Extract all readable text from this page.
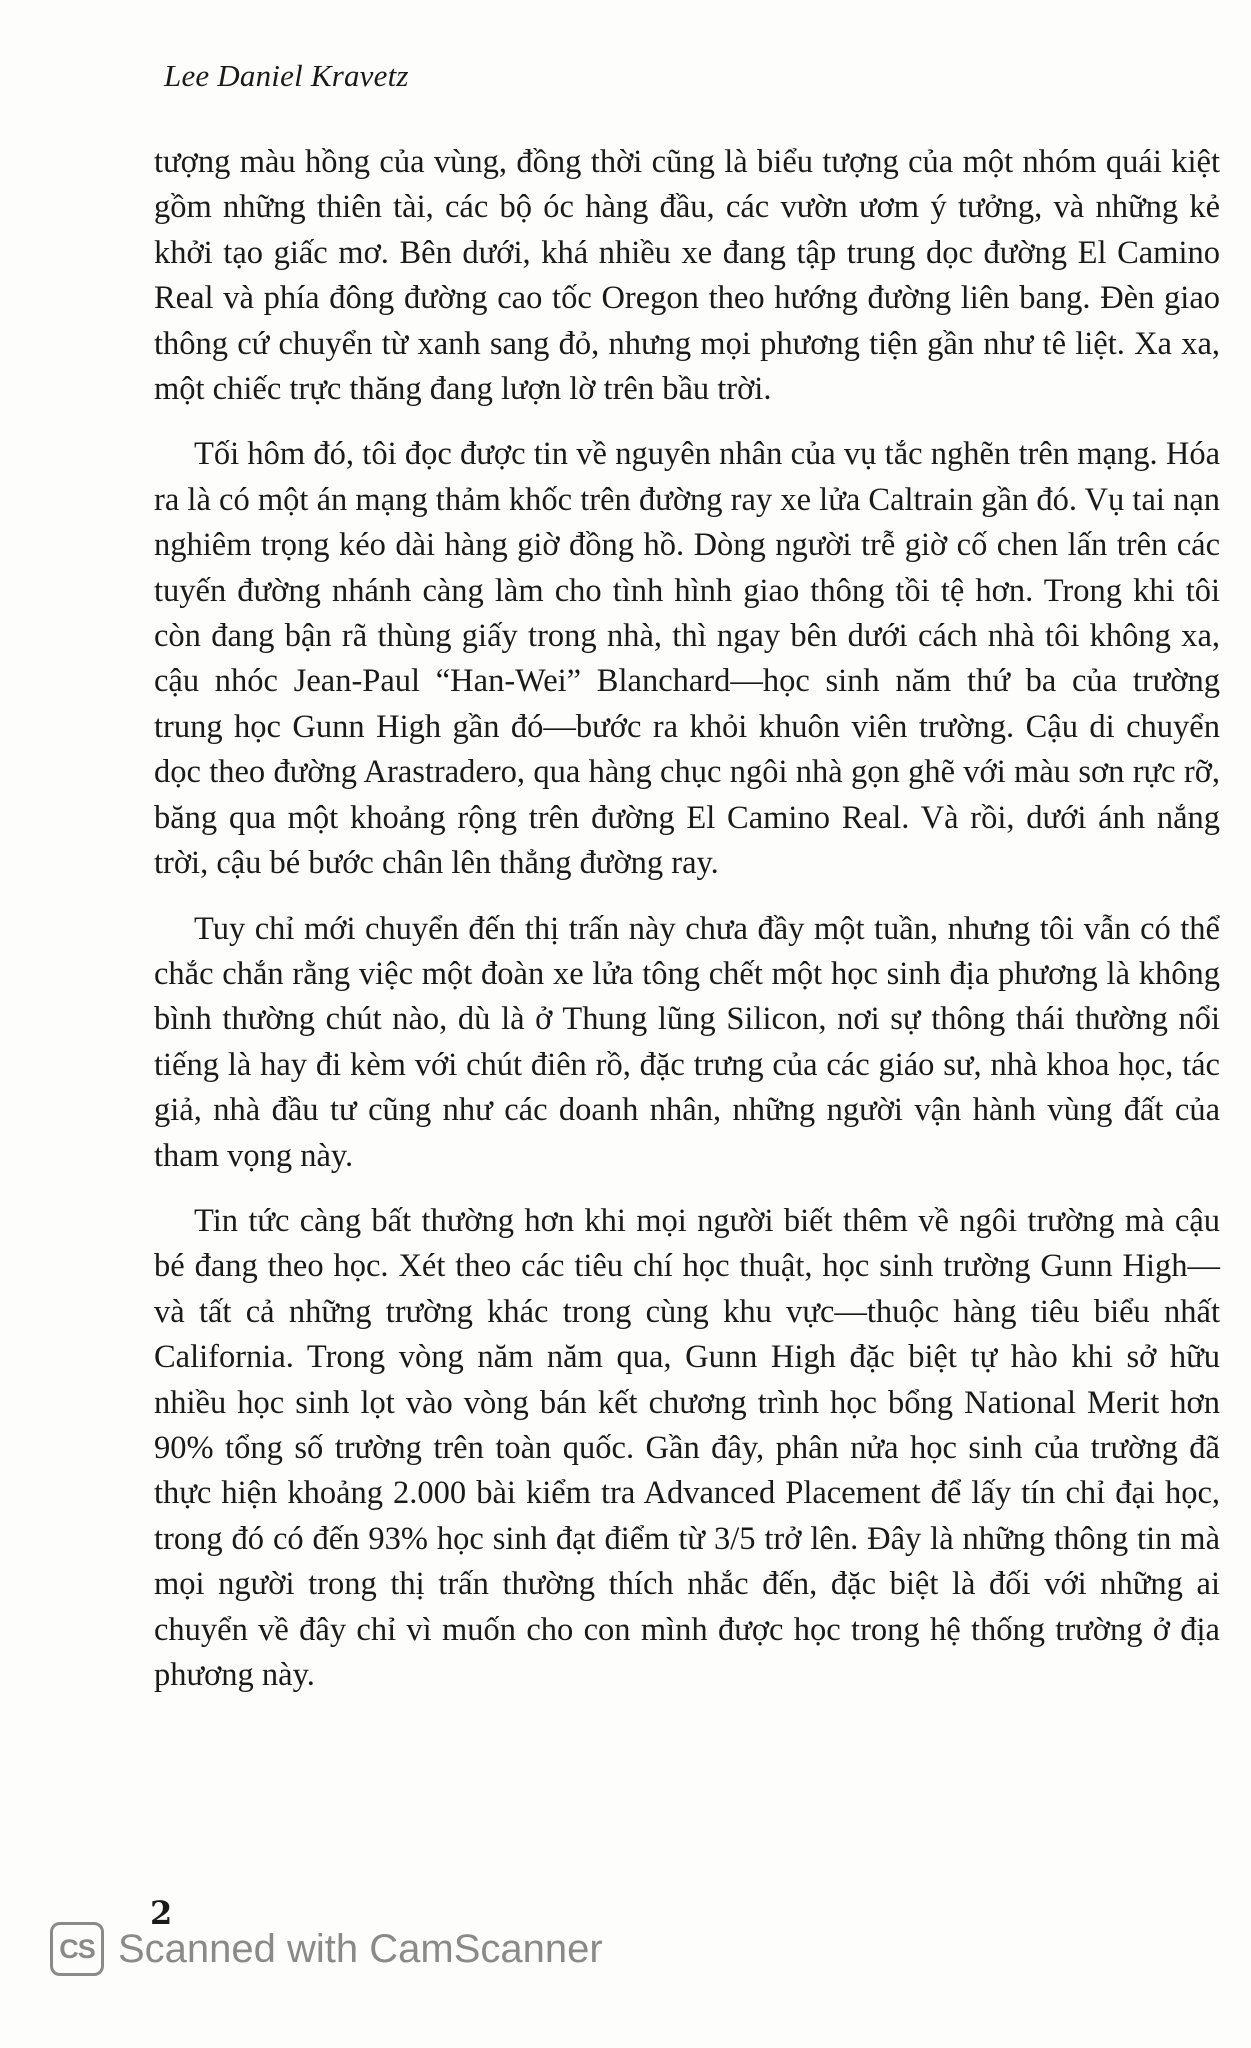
Lee Daniel Kravetz

tượng màu hồng của vùng, đồng thời cũng là biểu tượng của một nhóm quái kiệt gồm những thiên tài, các bộ óc hàng đầu, các vườn ươm ý tưởng, và những kẻ khởi tạo giấc mơ. Bên dưới, khá nhiều xe đang tập trung dọc đường El Camino Real và phía đông đường cao tốc Oregon theo hướng đường liên bang. Đèn giao thông cứ chuyển từ xanh sang đỏ, nhưng mọi phương tiện gần như tê liệt. Xa xa, một chiếc trực thăng đang lượn lờ trên bầu trời.

Tối hôm đó, tôi đọc được tin về nguyên nhân của vụ tắc nghẽn trên mạng. Hóa ra là có một án mạng thảm khốc trên đường ray xe lửa Caltrain gần đó. Vụ tai nạn nghiêm trọng kéo dài hàng giờ đồng hồ. Dòng người trễ giờ cố chen lấn trên các tuyến đường nhánh càng làm cho tình hình giao thông tồi tệ hơn. Trong khi tôi còn đang bận rã thùng giấy trong nhà, thì ngay bên dưới cách nhà tôi không xa, cậu nhóc Jean-Paul “Han-Wei” Blanchard—học sinh năm thứ ba của trường trung học Gunn High gần đó—bước ra khỏi khuôn viên trường. Cậu di chuyển dọc theo đường Arastradero, qua hàng chục ngôi nhà gọn ghẽ với màu sơn rực rỡ, băng qua một khoảng rộng trên đường El Camino Real. Và rồi, dưới ánh nắng trời, cậu bé bước chân lên thẳng đường ray.

Tuy chỉ mới chuyển đến thị trấn này chưa đầy một tuần, nhưng tôi vẫn có thể chắc chắn rằng việc một đoàn xe lửa tông chết một học sinh địa phương là không bình thường chút nào, dù là ở Thung lũng Silicon, nơi sự thông thái thường nổi tiếng là hay đi kèm với chút điên rồ, đặc trưng của các giáo sư, nhà khoa học, tác giả, nhà đầu tư cũng như các doanh nhân, những người vận hành vùng đất của tham vọng này.

Tin tức càng bất thường hơn khi mọi người biết thêm về ngôi trường mà cậu bé đang theo học. Xét theo các tiêu chí học thuật, học sinh trường Gunn High—và tất cả những trường khác trong cùng khu vực—thuộc hàng tiêu biểu nhất California. Trong vòng năm năm qua, Gunn High đặc biệt tự hào khi sở hữu nhiều học sinh lọt vào vòng bán kết chương trình học bổng National Merit hơn 90% tổng số trường trên toàn quốc. Gần đây, phân nửa học sinh của trường đã thực hiện khoảng 2.000 bài kiểm tra Advanced Placement để lấy tín chỉ đại học, trong đó có đến 93% học sinh đạt điểm từ 3/5 trở lên. Đây là những thông tin mà mọi người trong thị trấn thường thích nhắc đến, đặc biệt là đối với những ai chuyển về đây chỉ vì muốn cho con mình được học trong hệ thống trường ở địa phương này.

2
CS Scanned with CamScanner
